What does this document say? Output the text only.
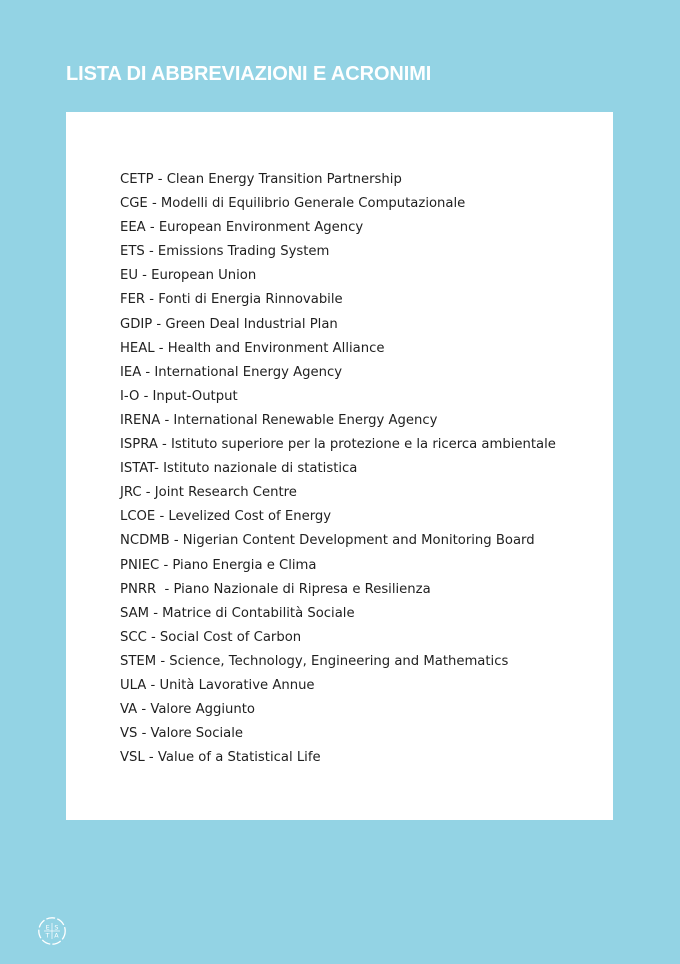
LISTA DI ABBREVIAZIONI E ACRONIMI
CETP - Clean Energy Transition Partnership
CGE - Modelli di Equilibrio Generale Computazionale
EEA - European Environment Agency
ETS - Emissions Trading System
EU - European Union
FER - Fonti di Energia Rinnovabile
GDIP - Green Deal Industrial Plan
HEAL - Health and Environment Alliance
IEA - International Energy Agency
I-O - Input-Output
IRENA - International Renewable Energy Agency
ISPRA - Istituto superiore per la protezione e la ricerca ambientale
ISTAT- Istituto nazionale di statistica
JRC - Joint Research Centre
LCOE - Levelized Cost of Energy
NCDMB - Nigerian Content Development and Monitoring Board
PNIEC - Piano Energia e Clima
PNRR  - Piano Nazionale di Ripresa e Resilienza
SAM - Matrice di Contabilità Sociale
SCC - Social Cost of Carbon
STEM - Science, Technology, Engineering and Mathematics
ULA - Unità Lavorative Annue
VA - Valore Aggiunto
VS - Valore Sociale
VSL - Value of a Statistical Life
E S
T A
